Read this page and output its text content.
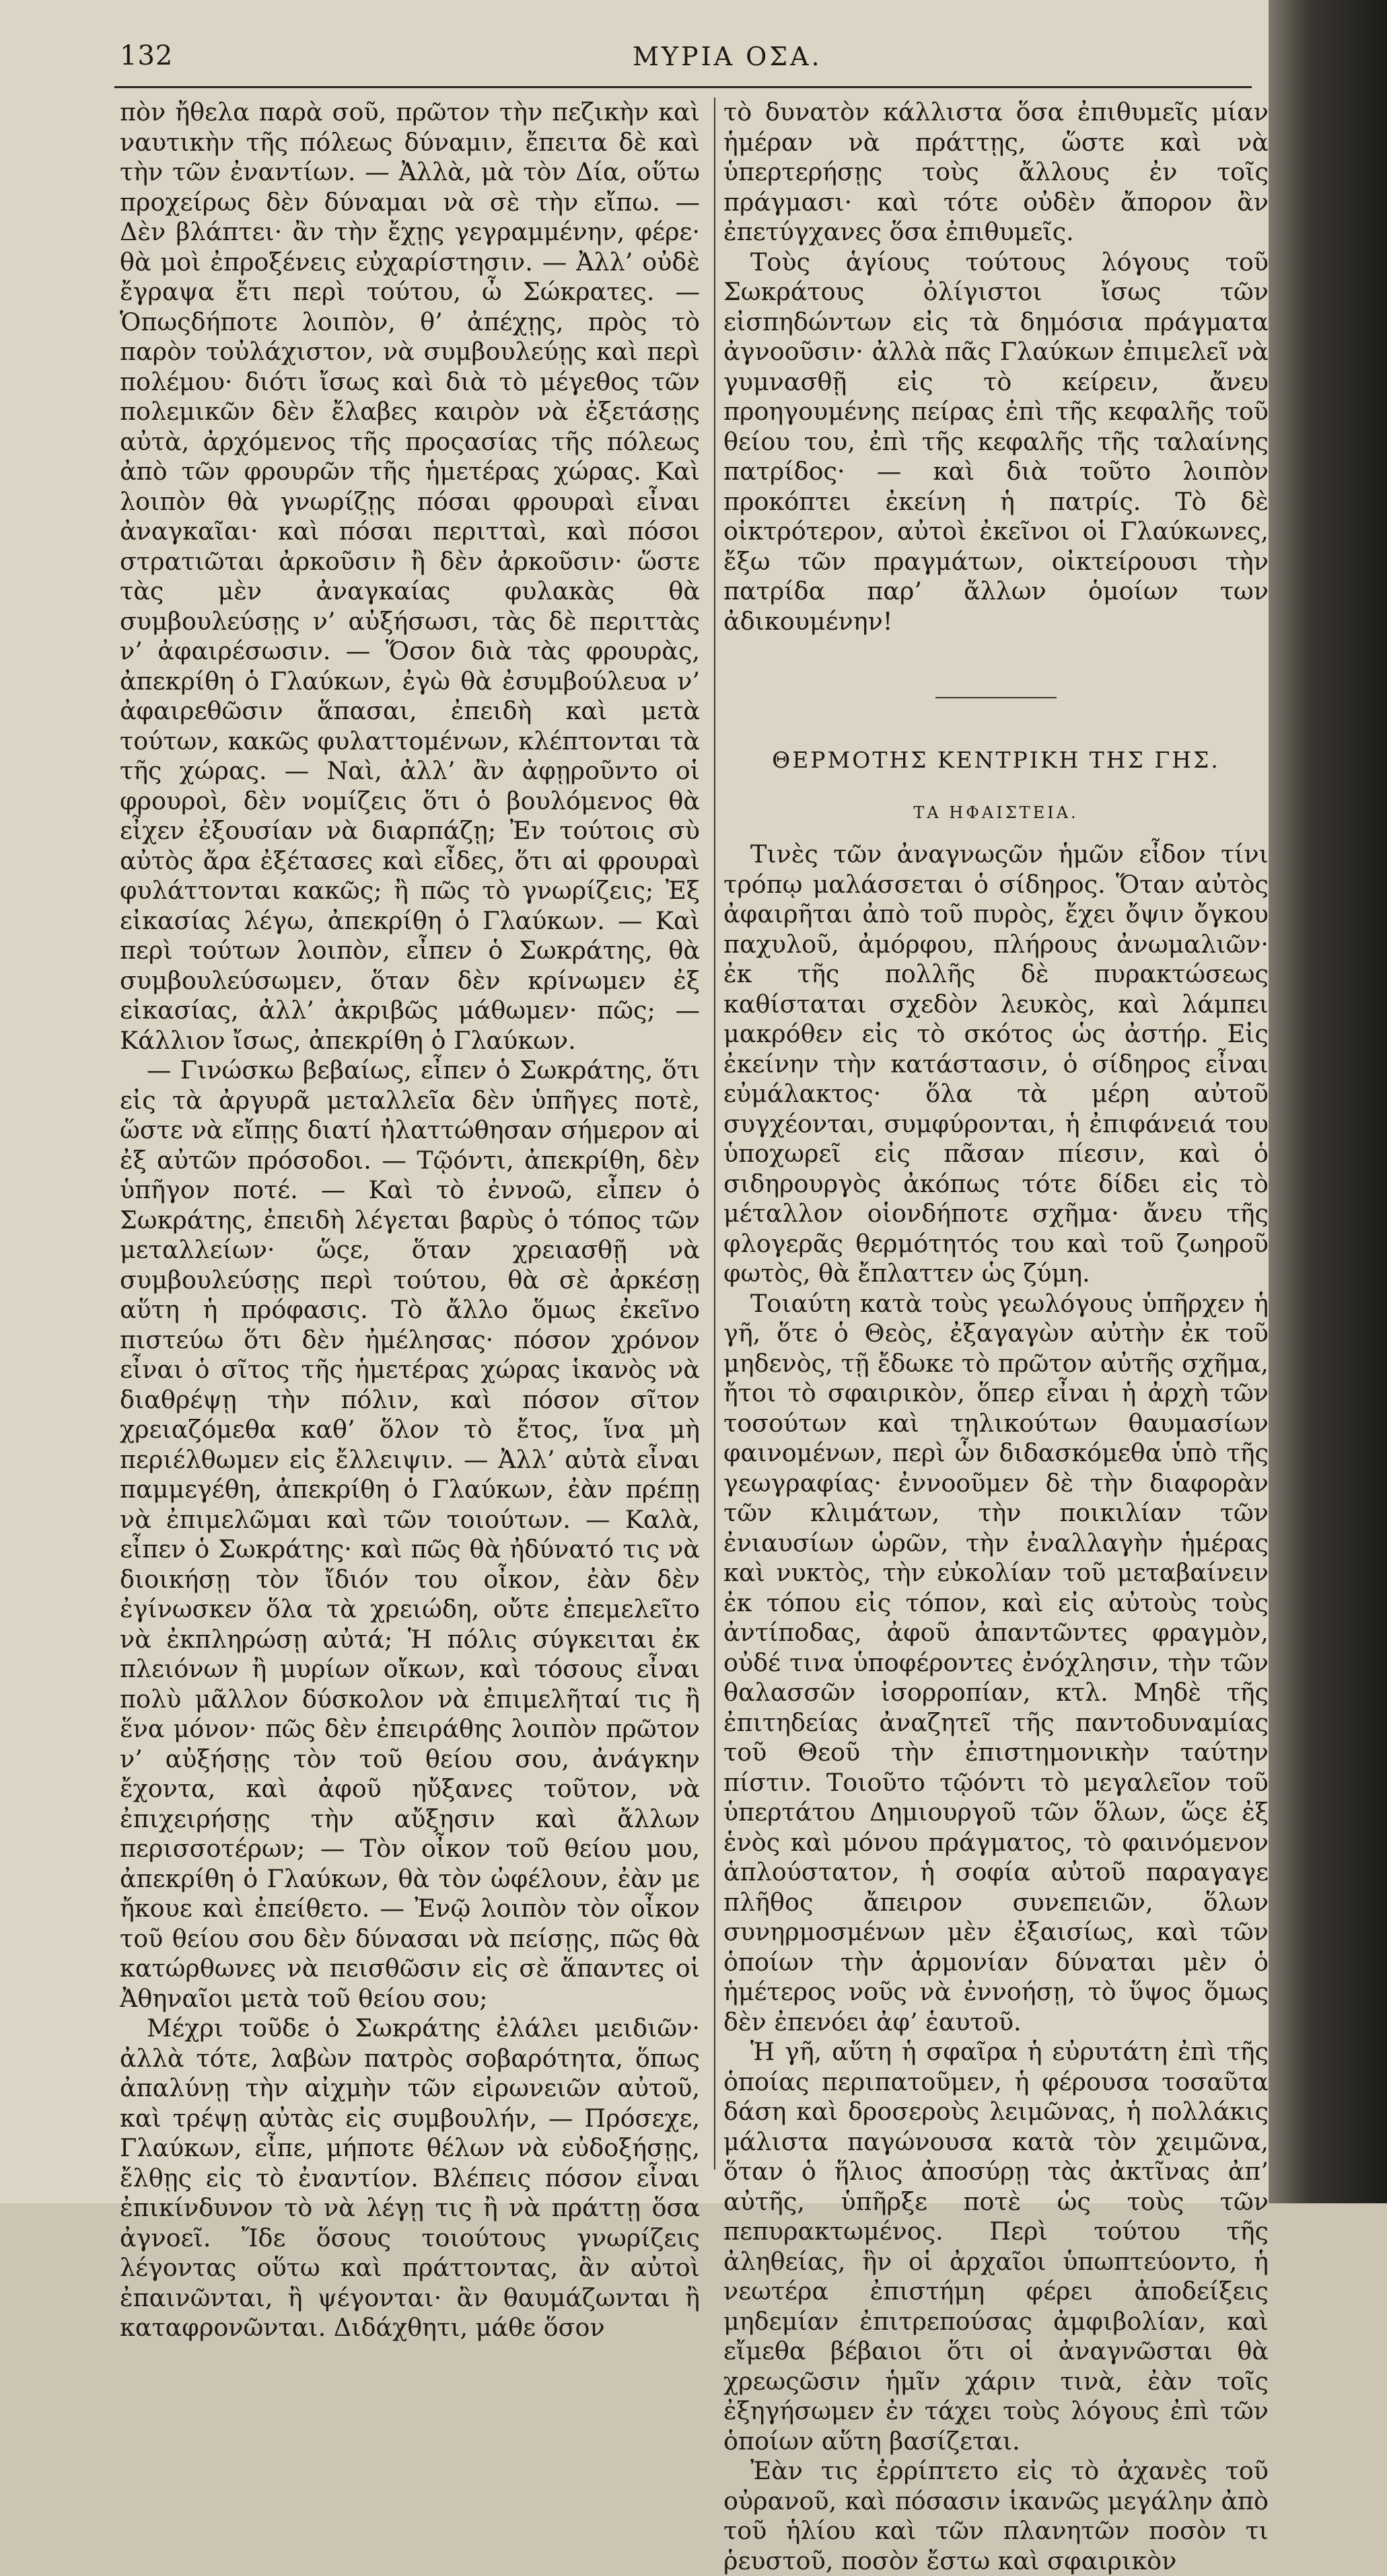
132	ΜΥΡΙΑ ΟΣΑ.

πὸν ἤθελα παρὰ σοῦ, πρῶτον τὴν πεζικὴν καὶ ναυτικὴν τῆς πόλεως δύναμιν, ἔπειτα δὲ καὶ τὴν τῶν ἐναντίων. — Ἀλλὰ, μὰ τὸν Δία, οὕτω προχείρως δὲν δύναμαι νὰ σὲ τὴν εἴπω. — Δὲν βλάπτει· ἂν τὴν ἔχῃς γεγραμμένην, φέρε· θὰ μοὶ ἐπροξένεις εὐχαρίστησιν. — Ἀλλ’ οὐδὲ ἔγραψα ἔτι περὶ τούτου, ὦ Σώκρατες. — Ὁπωςδήποτε λοιπὸν, θ’ ἀπέχῃς, πρὸς τὸ παρὸν τοὐλάχιστον, νὰ συμβουλεύῃς καὶ περὶ πολέμου· διότι ἴσως καὶ διὰ τὸ μέγεθος τῶν πολεμικῶν δὲν ἔλαβες καιρὸν νὰ ἐξετάσῃς αὐτὰ, ἀρχόμενος τῆς προςασίας τῆς πόλεως ἀπὸ τῶν φρουρῶν τῆς ἡμετέρας χώρας. Καὶ λοιπὸν θὰ γνωρίζῃς πόσαι φρουραὶ εἶναι ἀναγκαῖαι· καὶ πόσαι περιτταὶ, καὶ πόσοι στρατιῶται ἀρκοῦσιν ἢ δὲν ἀρκοῦσιν· ὥστε τὰς μὲν ἀναγκαίας φυλακὰς θὰ συμβουλεύσῃς ν’ αὐξήσωσι, τὰς δὲ περιττὰς ν’ ἀφαιρέσωσιν. — Ὅσον διὰ τὰς φρουρὰς, ἀπεκρίθη ὁ Γλαύκων, ἐγὼ θὰ ἐσυμβούλευα ν’ ἀφαιρεθῶσιν ἅπασαι, ἐπειδὴ καὶ μετὰ τούτων, κακῶς φυλαττομένων, κλέπτονται τὰ τῆς χώρας. — Ναὶ, ἀλλ’ ἂν ἀφῃροῦντο οἱ φρουροὶ, δὲν νομίζεις ὅτι ὁ βουλόμενος θὰ εἶχεν ἐξουσίαν νὰ διαρπάζῃ; Ἐν τούτοις σὺ αὐτὸς ἄρα ἐξέτασες καὶ εἶδες, ὅτι αἱ φρουραὶ φυλάττονται κακῶς; ἢ πῶς τὸ γνωρίζεις; Ἐξ εἰκασίας λέγω, ἀπεκρίθη ὁ Γλαύκων. — Καὶ περὶ τούτων λοιπὸν, εἶπεν ὁ Σωκράτης, θὰ συμβουλεύσωμεν, ὅταν δὲν κρίνωμεν ἐξ εἰκασίας, ἀλλ’ ἀκριβῶς μάθωμεν· πῶς; — Κάλλιον ἴσως, ἀπεκρίθη ὁ Γλαύκων.

— Γινώσκω βεβαίως, εἶπεν ὁ Σωκράτης, ὅτι εἰς τὰ ἀργυρᾶ μεταλλεῖα δὲν ὑπῆγες ποτὲ, ὥστε νὰ εἴπῃς διατί ἠλαττώθησαν σήμερον αἱ ἐξ αὐτῶν πρόσοδοι. — Τῷόντι, ἀπεκρίθη, δὲν ὑπῆγον ποτέ. — Καὶ τὸ ἐννοῶ, εἶπεν ὁ Σωκράτης, ἐπειδὴ λέγεται βαρὺς ὁ τόπος τῶν μεταλλείων· ὥςε, ὅταν χρειασθῇ νὰ συμβουλεύσῃς περὶ τούτου, θὰ σὲ ἀρκέσῃ αὕτη ἡ πρόφασις. Τὸ ἄλλο ὅμως ἐκεῖνο πιστεύω ὅτι δὲν ἠμέλησας· πόσον χρόνον εἶναι ὁ σῖτος τῆς ἡμετέρας χώρας ἱκανὸς νὰ διαθρέψῃ τὴν πόλιν, καὶ πόσον σῖτον χρειαζόμεθα καθ’ ὅλον τὸ ἔτος, ἵνα μὴ περιέλθωμεν εἰς ἔλλειψιν. — Ἀλλ’ αὐτὰ εἶναι παμμεγέθη, ἀπεκρίθη ὁ Γλαύκων, ἐὰν πρέπῃ νὰ ἐπιμελῶμαι καὶ τῶν τοιούτων. — Καλὰ, εἶπεν ὁ Σωκράτης· καὶ πῶς θὰ ἠδύνατό τις νὰ διοικήσῃ τὸν ἴδιόν του οἶκον, ἐὰν δὲν ἐγίνωσκεν ὅλα τὰ χρειώδη, οὔτε ἐπεμελεῖτο νὰ ἐκπληρώσῃ αὐτά; Ἡ πόλις σύγκειται ἐκ πλειόνων ἢ μυρίων οἴκων, καὶ τόσους εἶναι πολὺ μᾶλλον δύσκολον νὰ ἐπιμελῆταί τις ἢ ἕνα μόνον· πῶς δὲν ἐπειράθης λοιπὸν πρῶτον ν’ αὐξήσῃς τὸν τοῦ θείου σου, ἀνάγκην ἔχοντα, καὶ ἀφοῦ ηὔξανες τοῦτον, νὰ ἐπιχειρήσῃς τὴν αὔξησιν καὶ ἄλλων περισσοτέρων; — Τὸν οἶκον τοῦ θείου μου, ἀπεκρίθη ὁ Γλαύκων, θὰ τὸν ὠφέλουν, ἐὰν με ἤκουε καὶ ἐπείθετο. — Ἐνῷ λοιπὸν τὸν οἶκον τοῦ θείου σου δὲν δύνασαι νὰ πείσῃς, πῶς θὰ κατώρθωνες νὰ πεισθῶσιν εἰς σὲ ἅπαντες οἱ Ἀθηναῖοι μετὰ τοῦ θείου σου;

Μέχρι τοῦδε ὁ Σωκράτης ἐλάλει μειδιῶν· ἀλλὰ τότε, λαβὼν πατρὸς σοβαρότητα, ὅπως ἀπαλύνῃ τὴν αἰχμὴν τῶν εἰρωνειῶν αὐτοῦ, καὶ τρέψῃ αὐτὰς εἰς συμβουλήν, — Πρόσεχε, Γλαύκων, εἶπε, μήποτε θέλων νὰ εὐδοξήσῃς, ἔλθῃς εἰς τὸ ἐναντίον. Βλέπεις πόσον εἶναι ἐπικίνδυνον τὸ νὰ λέγῃ τις ἢ νὰ πράττῃ ὅσα ἀγνοεῖ. Ἴδε ὅσους τοιούτους γνωρίζεις λέγοντας οὕτω καὶ πράττοντας, ἂν αὐτοὶ ἐπαινῶνται, ἢ ψέγονται· ἂν θαυμάζωνται ἢ καταφρονῶνται. Διδάχθητι, μάθε ὅσον

τὸ δυνατὸν κάλλιστα ὅσα ἐπιθυμεῖς μίαν ἡμέραν νὰ πράττῃς, ὥστε καὶ νὰ ὑπερτερήσῃς τοὺς ἄλλους ἐν τοῖς πράγμασι· καὶ τότε οὐδὲν ἄπορον ἂν ἐπετύγχανες ὅσα ἐπιθυμεῖς.

Τοὺς ἁγίους τούτους λόγους τοῦ Σωκράτους ὀλίγιστοι ἴσως τῶν εἰσπηδώντων εἰς τὰ δημόσια πράγματα ἀγνοοῦσιν· ἀλλὰ πᾶς Γλαύκων ἐπιμελεῖ νὰ γυμνασθῇ εἰς τὸ κείρειν, ἄνευ προηγουμένης πείρας ἐπὶ τῆς κεφαλῆς τοῦ θείου του, ἐπὶ τῆς κεφαλῆς τῆς ταλαίνης πατρίδος· — καὶ διὰ τοῦτο λοιπὸν προκόπτει ἐκείνη ἡ πατρίς. Τὸ δὲ οἰκτρότερον, αὐτοὶ ἐκεῖνοι οἱ Γλαύκωνες, ἔξω τῶν πραγμάτων, οἰκτείρουσι τὴν πατρίδα παρ’ ἄλλων ὁμοίων των ἀδικουμένην!

ΘΕΡΜΟΤΗΣ ΚΕΝΤΡΙΚΗ ΤΗΣ ΓΗΣ.
ΤΑ ΗΦΑΙΣΤΕΙΑ.

Τινὲς τῶν ἀναγνωςῶν ἡμῶν εἶδον τίνι τρόπῳ μαλάσσεται ὁ σίδηρος. Ὅταν αὐτὸς ἀφαιρῆται ἀπὸ τοῦ πυρὸς, ἔχει ὄψιν ὄγκου παχυλοῦ, ἀμόρφου, πλήρους ἀνωμαλιῶν· ἐκ τῆς πολλῆς δὲ πυρακτώσεως καθίσταται σχεδὸν λευκὸς, καὶ λάμπει μακρόθεν εἰς τὸ σκότος ὡς ἀστήρ. Εἰς ἐκείνην τὴν κατάστασιν, ὁ σίδηρος εἶναι εὐμάλακτος· ὅλα τὰ μέρη αὐτοῦ συγχέονται, συμφύρονται, ἡ ἐπιφάνειά του ὑποχωρεῖ εἰς πᾶσαν πίεσιν, καὶ ὁ σιδηρουργὸς ἀκόπως τότε δίδει εἰς τὸ μέταλλον οἱονδήποτε σχῆμα· ἄνευ τῆς φλογερᾶς θερμότητός του καὶ τοῦ ζωηροῦ φωτὸς, θὰ ἔπλαττεν ὡς ζύμη.

Τοιαύτη κατὰ τοὺς γεωλόγους ὑπῆρχεν ἡ γῆ, ὅτε ὁ Θεὸς, ἐξαγαγὼν αὐτὴν ἐκ τοῦ μηδενὸς, τῇ ἔδωκε τὸ πρῶτον αὐτῆς σχῆμα, ἤτοι τὸ σφαιρικὸν, ὅπερ εἶναι ἡ ἀρχὴ τῶν τοσούτων καὶ τηλικούτων θαυμασίων φαινομένων, περὶ ὧν διδασκόμεθα ὑπὸ τῆς γεωγραφίας· ἐννοοῦμεν δὲ τὴν διαφορὰν τῶν κλιμάτων, τὴν ποικιλίαν τῶν ἐνιαυσίων ὡρῶν, τὴν ἐναλλαγὴν ἡμέρας καὶ νυκτὸς, τὴν εὐκολίαν τοῦ μεταβαίνειν ἐκ τόπου εἰς τόπον, καὶ εἰς αὐτοὺς τοὺς ἀντίποδας, ἀφοῦ ἀπαντῶντες φραγμὸν, οὐδέ τινα ὑποφέροντες ἐνόχλησιν, τὴν τῶν θαλασσῶν ἰσορροπίαν, κτλ. Μηδὲ τῆς ἐπιτηδείας ἀναζητεῖ τῆς παντοδυναμίας τοῦ Θεοῦ τὴν ἐπιστημονικὴν ταύτην πίστιν. Τοιοῦτο τῷόντι τὸ μεγαλεῖον τοῦ ὑπερτάτου Δημιουργοῦ τῶν ὅλων, ὥςε ἐξ ἑνὸς καὶ μόνου πράγματος, τὸ φαινόμενον ἁπλούστατον, ἡ σοφία αὐτοῦ παραγαγε πλῆθος ἄπειρον συνεπειῶν, ὅλων συνηρμοσμένων μὲν ἐξαισίως, καὶ τῶν ὁποίων τὴν ἁρμονίαν δύναται μὲν ὁ ἡμέτερος νοῦς νὰ ἐννοήσῃ, τὸ ὕψος ὅμως δὲν ἐπενόει ἀφ’ ἑαυτοῦ.

Ἡ γῆ, αὕτη ἡ σφαῖρα ἡ εὐρυτάτη ἐπὶ τῆς ὁποίας περιπατοῦμεν, ἡ φέρουσα τοσαῦτα δάση καὶ δροσεροὺς λειμῶνας, ἡ πολλάκις μάλιστα παγώνουσα κατὰ τὸν χειμῶνα, ὅταν ὁ ἥλιος ἀποσύρῃ τὰς ἀκτῖνας ἀπ’ αὐτῆς, ὑπῆρξε ποτὲ ὡς τοὺς τῶν πεπυρακτωμένος. Περὶ τούτου τῆς ἀληθείας, ἣν οἱ ἀρχαῖοι ὑπωπτεύοντο, ἡ νεωτέρα ἐπιστήμη φέρει ἀποδείξεις μηδεμίαν ἐπιτρεπούσας ἀμφιβολίαν, καὶ εἴμεθα βέβαιοι ὅτι οἱ ἀναγνῶσται θὰ χρεωςῶσιν ἡμῖν χάριν τινὰ, ἐὰν τοῖς ἐξηγήσωμεν ἐν τάχει τοὺς λόγους ἐπὶ τῶν ὁποίων αὕτη βασίζεται.

Ἐὰν τις ἐρρίπτετο εἰς τὸ ἀχανὲς τοῦ οὐρανοῦ, καὶ πόσασιν ἱκανῶς μεγάλην ἀπὸ τοῦ ἡλίου καὶ τῶν πλανητῶν ποσὸν τι ῥευστοῦ, ποσὸν ἔστω καὶ σφαιρικὸν
